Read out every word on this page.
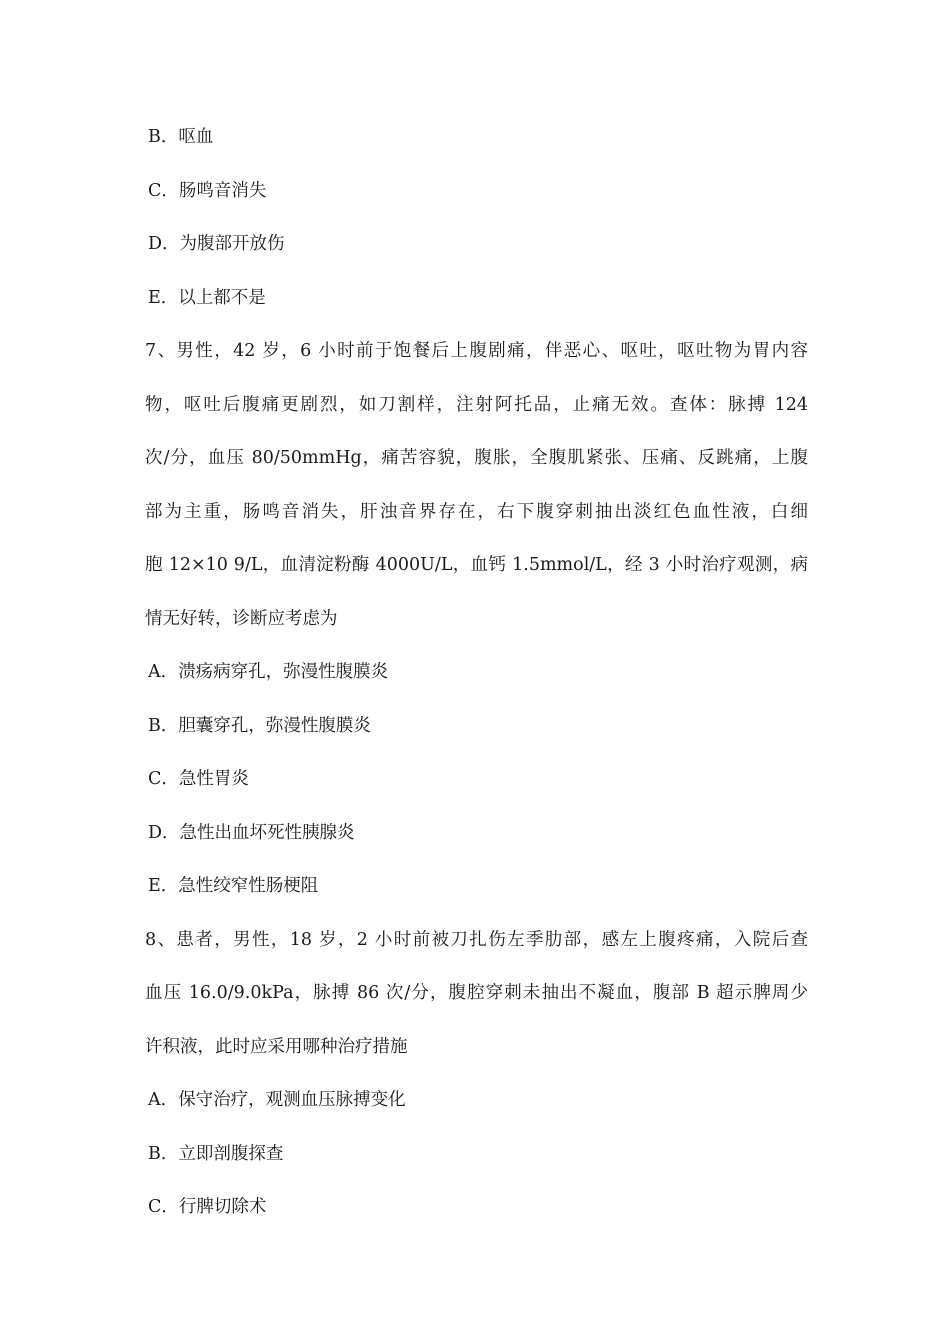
B．呕血

C．肠鸣音消失

D．为腹部开放伤

E．以上都不是

7、男性，42 岁，6 小时前于饱餐后上腹剧痛，伴恶心、呕吐，呕吐物为胃内容

物，呕吐后腹痛更剧烈，如刀割样，注射阿托品，止痛无效。查体：脉搏 124

次/分，血压 80/50mmHg，痛苦容貌，腹胀，全腹肌紧张、压痛、反跳痛，上腹

部为主重，肠鸣音消失，肝浊音界存在，右下腹穿刺抽出淡红色血性液，白细

胞 12×10 9/L，血清淀粉酶 4000U/L，血钙 1.5mmol/L，经 3 小时治疗观测，病

情无好转，诊断应考虑为

A．溃疡病穿孔，弥漫性腹膜炎

B．胆囊穿孔，弥漫性腹膜炎

C．急性胃炎

D．急性出血坏死性胰腺炎

E．急性绞窄性肠梗阻

8、患者，男性，18 岁，2 小时前被刀扎伤左季肋部，感左上腹疼痛，入院后查

血压 16.0/9.0kPa，脉搏 86 次/分，腹腔穿刺未抽出不凝血，腹部 B 超示脾周少

许积液，此时应采用哪种治疗措施

A．保守治疗，观测血压脉搏变化

B．立即剖腹探查

C．行脾切除术
